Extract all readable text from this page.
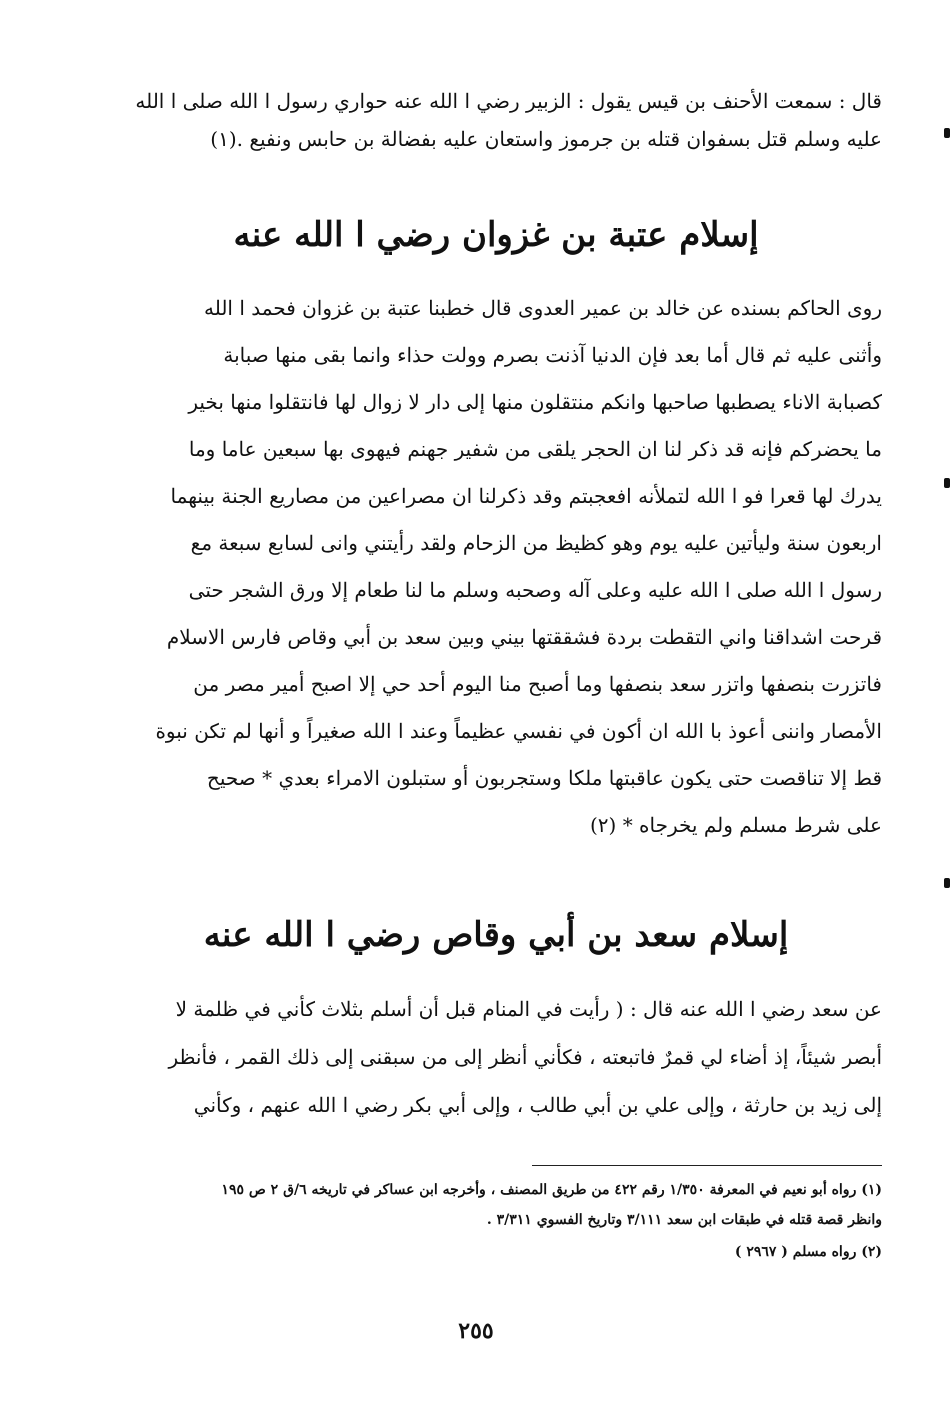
قال : سمعت الأحنف بن قيس يقول : الزبير رضي ا الله عنه حواري رسول ا الله صلى ا الله
عليه وسلم قتل بسفوان قتله بن جرموز واستعان عليه بفضالة بن حابس ونفيع .(١)
إسلام عتبة بن غزوان رضي ا الله عنه
روى الحاكم بسنده عن خالد بن عمير العدوى قال خطبنا عتبة بن غزوان فحمد ا الله
وأثنى عليه ثم قال أما بعد فإن الدنيا آذنت بصرم وولت حذاء وانما بقى منها صبابة
كصبابة الاناء يصطبها صاحبها وانكم منتقلون منها إلى دار لا زوال لها فانتقلوا منها بخير
ما يحضركم فإنه قد ذكر لنا ان الحجر يلقى من شفير جهنم فيهوى بها سبعين عاما وما
يدرك لها قعرا فو ا الله لتملأنه افعجبتم وقد ذكرلنا ان مصراعين من مصاريع الجنة بينهما
اربعون سنة وليأتين عليه يوم وهو كظيظ من الزحام ولقد رأيتني وانى لسابع سبعة مع
رسول ا الله صلى ا الله عليه وعلى آله وصحبه وسلم ما لنا طعام إلا ورق الشجر حتى
قرحت اشداقنا واني التقطت بردة فشققتها بيني وبين سعد بن أبي وقاص فارس الاسلام
فاتزرت بنصفها واتزر سعد بنصفها وما أصبح منا اليوم أحد حي إلا اصبح أمير مصر من
الأمصار واننى أعوذ با الله ان أكون في نفسي عظيماً وعند ا الله صغيراً و أنها لم تكن نبوة
قط إلا تناقصت حتى يكون عاقبتها ملكا وستجربون أو ستبلون الامراء بعدي * صحيح
على شرط مسلم ولم يخرجاه * (٢)
إسلام سعد بن أبي وقاص رضي ا الله عنه
عن سعد رضي ا الله عنه قال : ( رأيت في المنام قبل أن أسلم بثلاث كأني في ظلمة لا
أبصر شيئاً، إذ أضاء لي قمرٌ فاتبعته ، فكأني أنظر إلى من سبقنى إلى ذلك القمر ، فأنظر
إلى زيد بن حارثة ، وإلى علي بن أبي طالب ، وإلى أبي بكر رضي ا الله عنهم ، وكأني
(١) رواه أبو نعيم في المعرفة ١/٣٥٠ رقم ٤٢٢ من طريق المصنف ، وأخرجه ابن عساكر في تاريخه ٦/ق ٢ ص ١٩٥
وانظر قصة قتله في طبقات ابن سعد ٣/١١١ وتاريخ الفسوي ٣/٣١١ .
(٢) رواه مسلم ( ٢٩٦٧ )
٢٥٥
